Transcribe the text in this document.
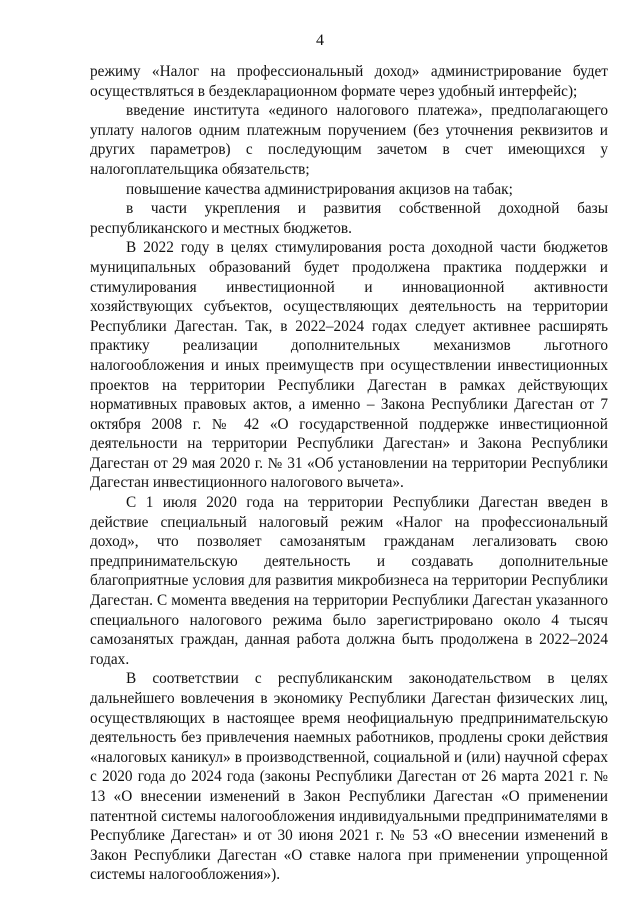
4

режиму «Налог на профессиональный доход» администрирование будет осуществляться в бездекларационном формате через удобный интерфейс);

введение института «единого налогового платежа», предполагающего уплату налогов одним платежным поручением (без уточнения реквизитов и других параметров) с последующим зачетом в счет имеющихся у налогоплательщика обязательств;

повышение качества администрирования акцизов на табак;

в части укрепления и развития собственной доходной базы республиканского и местных бюджетов.

В 2022 году в целях стимулирования роста доходной части бюджетов муниципальных образований будет продолжена практика поддержки и стимулирования инвестиционной и инновационной активности хозяйствующих субъектов, осуществляющих деятельность на территории Республики Дагестан. Так, в 2022–2024 годах следует активнее расширять практику реализации дополнительных механизмов льготного налогообложения и иных преимуществ при осуществлении инвестиционных проектов на территории Республики Дагестан в рамках действующих нормативных правовых актов, а именно – Закона Республики Дагестан от 7 октября 2008 г. № 42 «О государственной поддержке инвестиционной деятельности на территории Республики Дагестан» и Закона Республики Дагестан от 29 мая 2020 г. № 31 «Об установлении на территории Республики Дагестан инвестиционного налогового вычета».

С 1 июля 2020 года на территории Республики Дагестан введен в действие специальный налоговый режим «Налог на профессиональный доход», что позволяет самозанятым гражданам легализовать свою предпринимательскую деятельность и создавать дополнительные благоприятные условия для развития микробизнеса на территории Республики Дагестан. С момента введения на территории Республики Дагестан указанного специального налогового режима было зарегистрировано около 4 тысяч самозанятых граждан, данная работа должна быть продолжена в 2022–2024 годах.

В соответствии с республиканским законодательством в целях дальнейшего вовлечения в экономику Республики Дагестан физических лиц, осуществляющих в настоящее время неофициальную предпринимательскую деятельность без привлечения наемных работников, продлены сроки действия «налоговых каникул» в производственной, социальной и (или) научной сферах с 2020 года до 2024 года (законы Республики Дагестан от 26 марта 2021 г. № 13 «О внесении изменений в Закон Республики Дагестан «О применении патентной системы налогообложения индивидуальными предпринимателями в Республике Дагестан» и от 30 июня 2021 г. № 53 «О внесении изменений в Закон Республики Дагестан «О ставке налога при применении упрощенной системы налогообложения»).
